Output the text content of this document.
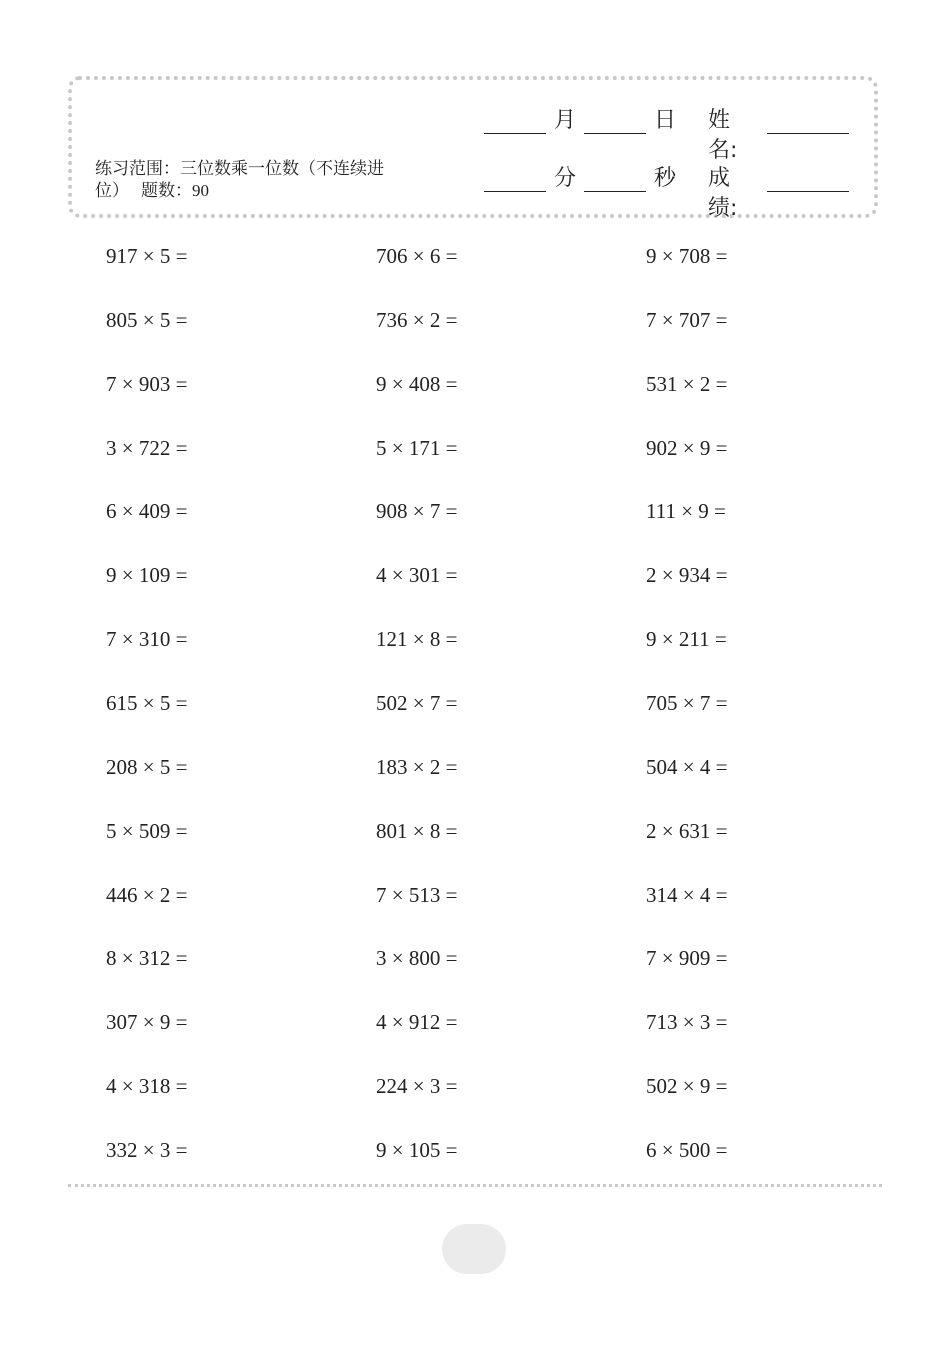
练习范围：三位数乘一位数（不连续进位） 题数：90
月	日 姓名:
分	秒 成绩:
917 × 5 =	706 × 6 =	9 × 708 =
805 × 5 =	736 × 2 =	7 × 707 =
7 × 903 =	9 × 408 =	531 × 2 =
3 × 722 =	5 × 171 =	902 × 9 =
6 × 409 =	908 × 7 =	111 × 9 =
9 × 109 =	4 × 301 =	2 × 934 =
7 × 310 =	121 × 8 =	9 × 211 =
615 × 5 =	502 × 7 =	705 × 7 =
208 × 5 =	183 × 2 =	504 × 4 =
5 × 509 =	801 × 8 =	2 × 631 =
446 × 2 =	7 × 513 =	314 × 4 =
8 × 312 =	3 × 800 =	7 × 909 =
307 × 9 =	4 × 912 =	713 × 3 =
4 × 318 =	224 × 3 =	502 × 9 =
332 × 3 =	9 × 105 =	6 × 500 =
